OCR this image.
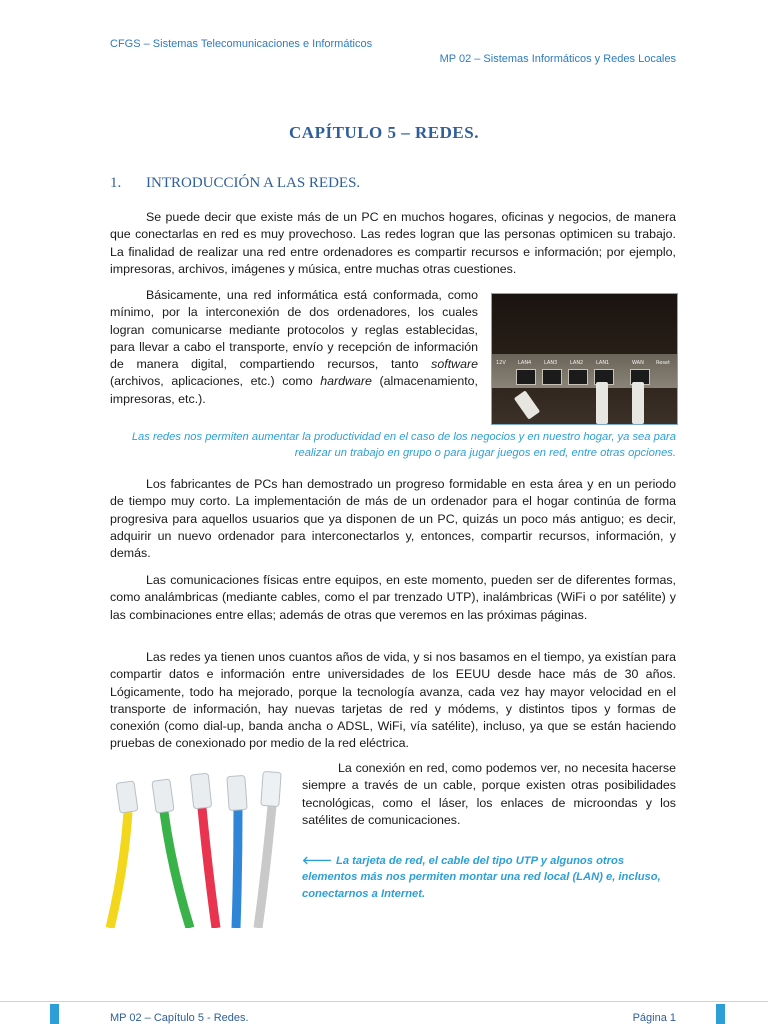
CFGS – Sistemas Telecomunicaciones e Informáticos
MP 02 – Sistemas Informáticos y Redes Locales
CAPÍTULO 5 – REDES.
1. INTRODUCCIÓN A LAS REDES.

Se puede decir que existe más de un PC en muchos hogares, oficinas y negocios, de manera que conectarlas en red es muy provechoso. Las redes logran que las personas optimicen su trabajo. La finalidad de realizar una red entre ordenadores es compartir recursos e información; por ejemplo, impresoras, archivos, imágenes y música, entre muchas otras cuestiones.

Básicamente, una red informática está conformada, como mínimo, por la interconexión de dos ordenadores, los cuales logran comunicarse mediante protocolos y reglas establecidas, para llevar a cabo el transporte, envío y recepción de información de manera digital, compartiendo recursos, tanto software (archivos, aplicaciones, etc.) como hardware (almacenamiento, impresoras, etc.).

12V LAN4	LAN3	LAN2	LAN1	WAN Reset

Las redes nos permiten aumentar la productividad en el caso de los negocios y en nuestro hogar, ya sea para realizar un trabajo en grupo o para jugar juegos en red, entre otras opciones.

Los fabricantes de PCs han demostrado un progreso formidable en esta área y en un periodo de tiempo muy corto. La implementación de más de un ordenador para el hogar continúa de forma progresiva para aquellos usuarios que ya disponen de un PC, quizás un poco más antiguo; es decir, adquirir un nuevo ordenador para interconectarlos y, entonces, compartir recursos, información, y demás.

Las comunicaciones físicas entre equipos, en este momento, pueden ser de diferentes formas, como analámbricas (mediante cables, como el par trenzado UTP), inalámbricas (WiFi o por satélite) y las combinaciones entre ellas; además de otras que veremos en las próximas páginas.

Las redes ya tienen unos cuantos años de vida, y si nos basamos en el tiempo, ya existían para compartir datos e información entre universidades de los EEUU desde hace más de 30 años. Lógicamente, todo ha mejorado, porque la tecnología avanza, cada vez hay mayor velocidad en el transporte de información, hay nuevas tarjetas de red y módems, y distintos tipos y formas de conexión (como dial-up, banda ancha o ADSL, WiFi, vía satélite), incluso, ya que se están haciendo pruebas de conexionado por medio de la red eléctrica.

La conexión en red, como podemos ver, no necesita hacerse siempre a través de un cable, porque existen otras posibilidades tecnológicas, como el láser, los enlaces de microondas y los satélites de comunicaciones.

🡐 La tarjeta de red, el cable del tipo UTP y algunos otros elementos más nos permiten montar una red local (LAN) e, incluso, conectarnos a Internet.

MP 02 – Capítulo 5 - Redes.	Página 1
